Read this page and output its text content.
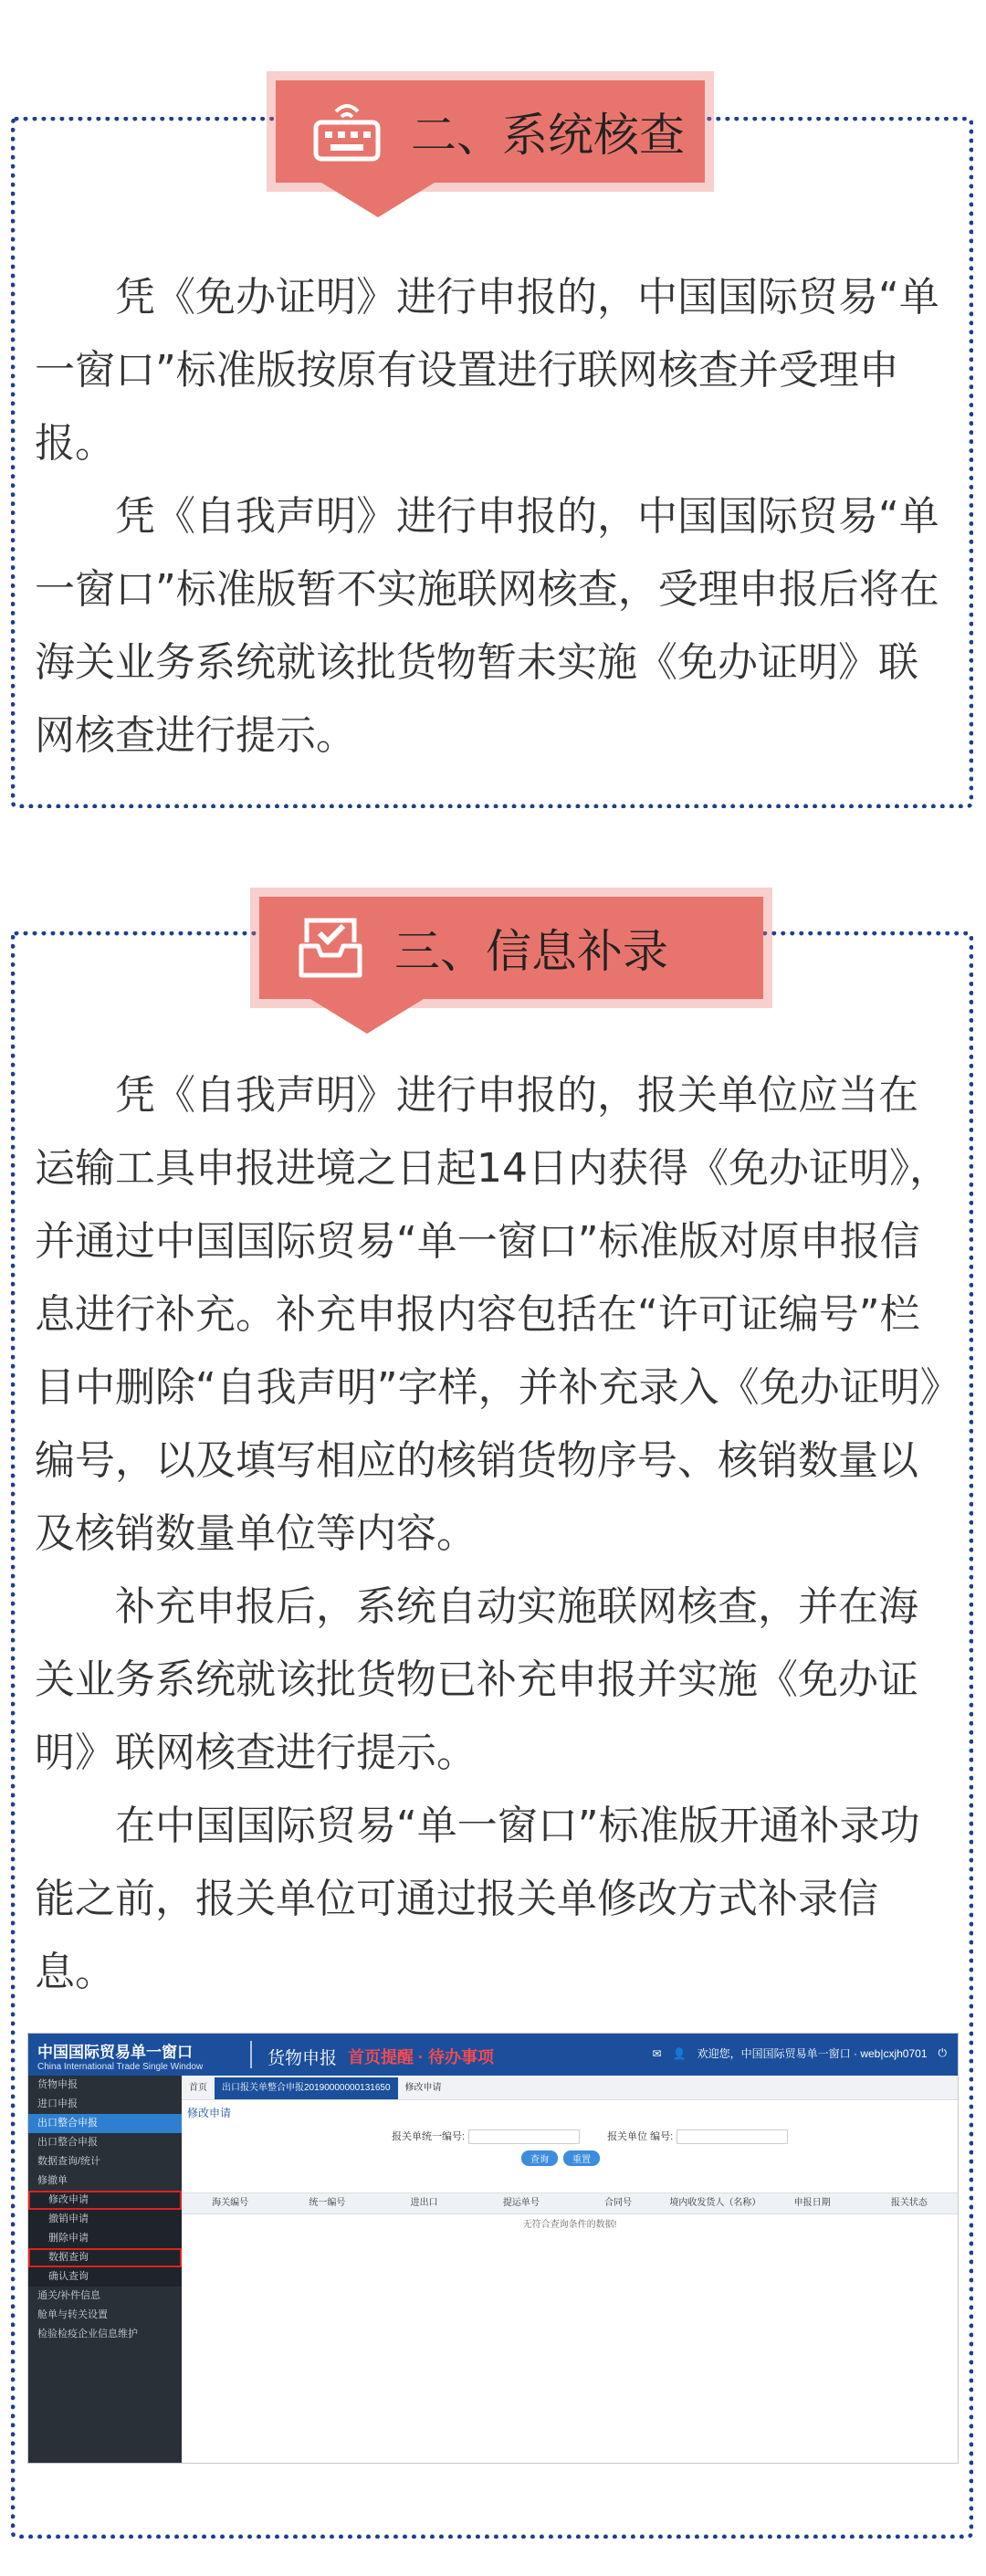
二、系统核查

　　凭《免办证明》进行申报的，中国国际贸易“单一窗口”标准版按原有设置进行联网核查并受理申报。

　　凭《自我声明》进行申报的，中国国际贸易“单一窗口”标准版暂不实施联网核查，受理申报后将在海关业务系统就该批货物暂未实施《免办证明》联网核查进行提示。

三、信息补录

　　凭《自我声明》进行申报的，报关单位应当在运输工具申报进境之日起14日内获得《免办证明》，并通过中国国际贸易“单一窗口”标准版对原申报信息进行补充。补充申报内容包括在“许可证编号”栏目中删除“自我声明”字样，并补充录入《免办证明》编号，以及填写相应的核销货物序号、核销数量以及核销数量单位等内容。

　　补充申报后，系统自动实施联网核查，并在海关业务系统就该批货物已补充申报并实施《免办证明》联网核查进行提示。

　　在中国国际贸易“单一窗口”标准版开通补录功能之前，报关单位可通过报关单修改方式补录信息。

中国国际贸易单一窗口
China International Trade Single Window	货物申报 首页提醒 · 待办事项	✉ 👤 欢迎您，中国国际贸易单一窗口 · web|cxjh0701 ⏻
货物申报
进口申报
出口整合申报
出口整合申报
数据查询/统计
修撤单
修改申请
撤销申请
删除申请
数据查询
确认查询
通关/补件信息
舱单与转关设置
检验检疫企业信息维护
首页 出口报关单整合申报20190000000131650 修改申请
修改申请
报关单统一编号:	报关单位 编号:
查询	重置
海关编号	统一编号	进出口	提运单号	合同号	境内收发货人（名称）	申报日期	报关状态
无符合查询条件的数据!
